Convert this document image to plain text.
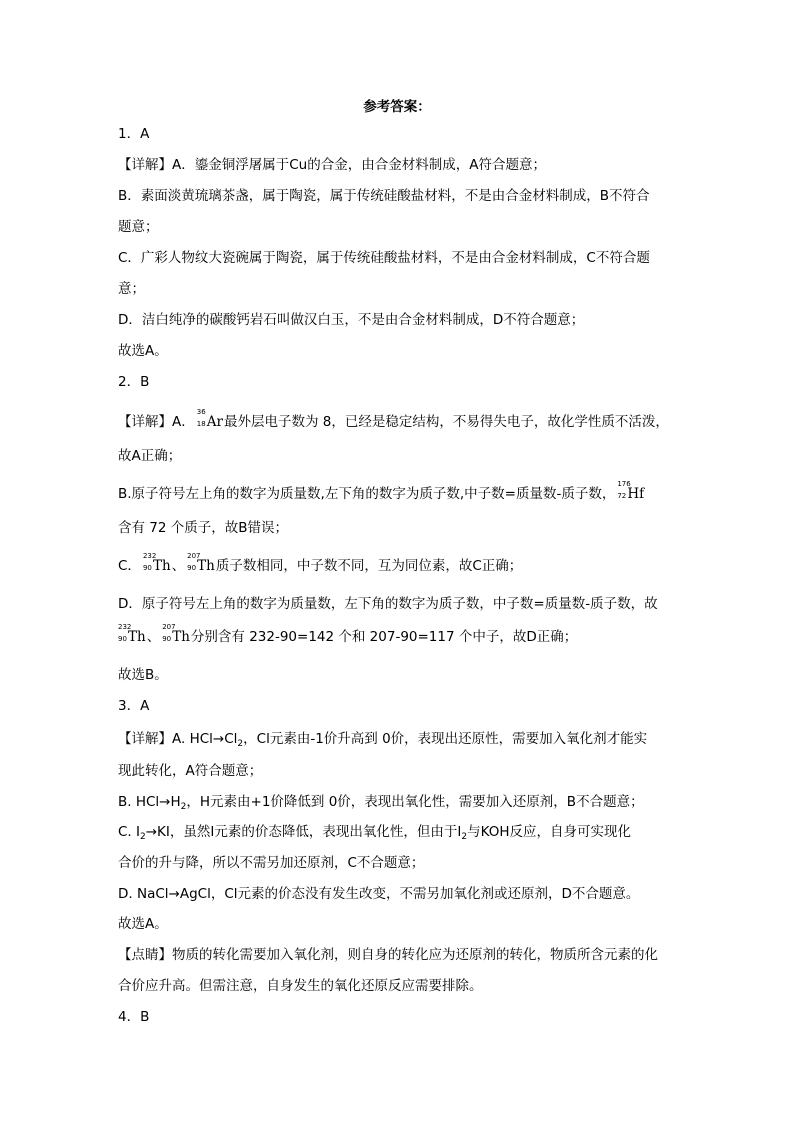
参考答案：
1．A
【详解】A．鎏金铜浮屠属于Cu的合金，由合金材料制成，A符合题意；
B．素面淡黄琉璃茶盏，属于陶瓷，属于传统硅酸盐材料，不是由合金材料制成，B不符合
题意；
C．广彩人物纹大瓷碗属于陶瓷，属于传统硅酸盐材料，不是由合金材料制成，C不符合题
意；
D．洁白纯净的碳酸钙岩石叫做汉白玉，不是由合金材料制成，D不符合题意；
故选A。
2．B
【详解】A．
36
18 Ar最外层电子数为 8，已经是稳定结构，不易得失电子，故化学性质不活泼，
故A正确；
B.原子符号左上角的数字为质量数,左下角的数字为质子数,中子数=质量数-质子数，
176
72 Hf
含有 72 个质子，故B错误；
C．
232
90 Th、
207
90 Th质子数相同，中子数不同，互为同位素，故C正确；
D．原子符号左上角的数字为质量数，左下角的数字为质子数，中子数=质量数-质子数，故
232
90 Th、
207
90 Th分别含有 232-90=142 个和 207-90=117 个中子，故D正确；
故选B。
3．A
【详解】A. $HCl\to Cl_2$，Cl元素由-1价升高到 0价，表现出还原性，需要加入氧化剂才能实
现此转化，A符合题意；
B. $HCl\to H_2$，H元素由+1价降低到 0价，表现出氧化性，需要加入还原剂，B不合题意；
C. $I_2\to KI$，虽然I元素的价态降低，表现出氧化性，但由于$I_2$与KOH反应，自身可实现化
合价的升与降，所以不需另加还原剂，C不合题意；
D. NaCl→AgCl，Cl元素的价态没有发生改变，不需另加氧化剂或还原剂，D不合题意。
故选A。
【点睛】物质的转化需要加入氧化剂，则自身的转化应为还原剂的转化，物质所含元素的化
合价应升高。但需注意，自身发生的氧化还原反应需要排除。
4．B
